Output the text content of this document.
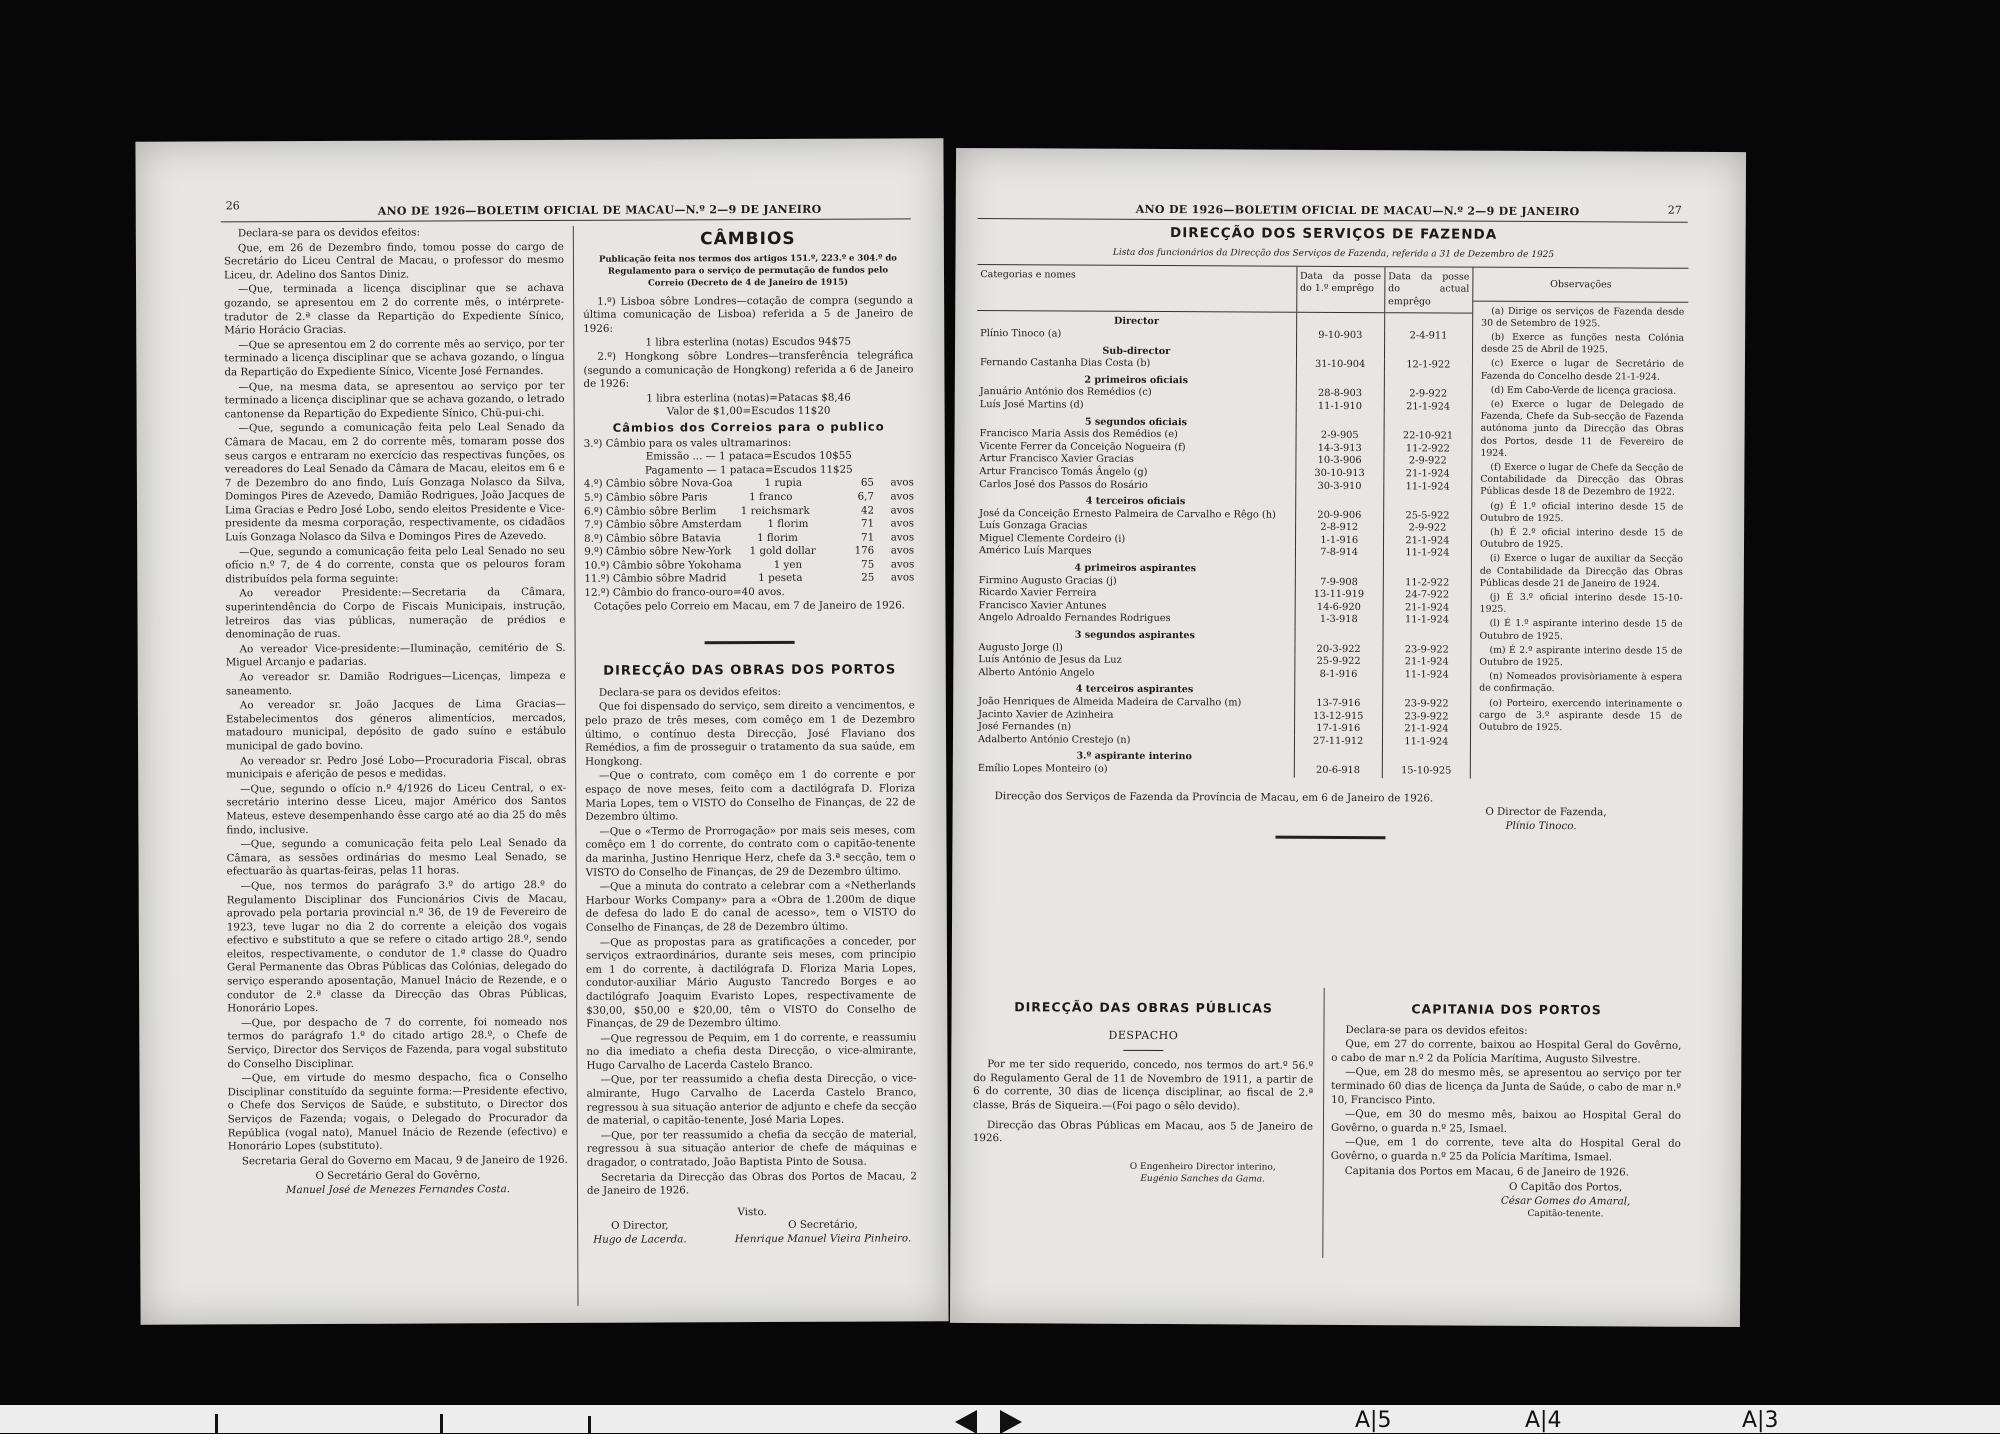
26	ANO DE 1926—BOLETIM OFICIAL DE MACAU—N.º 2—9 DE JANEIRO

Declara-se para os devidos efeitos:

Que, em 26 de Dezembro findo, tomou posse do cargo de Secretário do Liceu Central de Macau, o professor do mesmo Liceu, dr. Adelino dos Santos Diniz.

—Que, terminada a licença disciplinar que se achava gozando, se apresentou em 2 do corrente mês, o intérprete-tradutor de 2.ª classe da Repartição do Expediente Sínico, Mário Horácio Gracias.

—Que se apresentou em 2 do corrente mês ao serviço, por ter terminado a licença disciplinar que se achava gozando, o língua da Repartição do Expediente Sínico, Vicente José Fernandes.

—Que, na mesma data, se apresentou ao serviço por ter terminado a licença disciplinar que se achava gozando, o letrado cantonense da Repartição do Expediente Sínico, Chü-pui-chi.

—Que, segundo a comunicação feita pelo Leal Senado da Câmara de Macau, em 2 do corrente mês, tomaram posse dos seus cargos e entraram no exercício das respectivas funções, os vereadores do Leal Senado da Câmara de Macau, eleitos em 6 e 7 de Dezembro do ano findo, Luís Gonzaga Nolasco da Silva, Domingos Pires de Azevedo, Damião Rodrigues, João Jacques de Lima Gracias e Pedro José Lobo, sendo eleitos Presidente e Vice-presidente da mesma corporação, respectivamente, os cidadãos Luís Gonzaga Nolasco da Silva e Domingos Pires de Azevedo.

—Que, segundo a comunicação feita pelo Leal Senado no seu ofício n.º 7, de 4 do corrente, consta que os pelouros foram distribuídos pela forma seguinte:

Ao vereador Presidente:—Secretaria da Câmara, superintendência do Corpo de Fiscais Municipais, instrução, letreiros das vias públicas, numeração de prédios e denominação de ruas.

Ao vereador Vice-presidente:—Iluminação, cemitério de S. Miguel Arcanjo e padarias.

Ao vereador sr. Damião Rodrigues—Licenças, limpeza e saneamento.

Ao vereador sr. João Jacques de Lima Gracias—Estabelecimentos dos géneros alimentícios, mercados, matadouro municipal, depósito de gado suíno e estábulo municipal de gado bovino.

Ao vereador sr. Pedro José Lobo—Procuradoria Fiscal, obras municipais e aferição de pesos e medidas.

—Que, segundo o ofício n.º 4/1926 do Liceu Central, o ex-secretário interino desse Liceu, major Américo dos Santos Mateus, esteve desempenhando êsse cargo até ao dia 25 do mês findo, inclusive.

—Que, segundo a comunicação feita pelo Leal Senado da Câmara, as sessões ordinárias do mesmo Leal Senado, se efectuarão às quartas-feiras, pelas 11 horas.

—Que, nos termos do parágrafo 3.º do artigo 28.º do Regulamento Disciplinar dos Funcionários Civis de Macau, aprovado pela portaria provincial n.º 36, de 19 de Fevereiro de 1923, teve lugar no dia 2 do corrente a eleição dos vogais efectivo e substituto a que se refere o citado artigo 28.º, sendo eleitos, respectivamente, o condutor de 1.ª classe do Quadro Geral Permanente das Obras Públicas das Colónias, delegado do serviço esperando aposentação, Manuel Inácio de Rezende, e o condutor de 2.ª classe da Direcção das Obras Públicas, Honorário Lopes.

—Que, por despacho de 7 do corrente, foi nomeado nos termos do parágrafo 1.º do citado artigo 28.º, o Chefe de Serviço, Director dos Serviços de Fazenda, para vogal substituto do Conselho Disciplinar.

—Que, em virtude do mesmo despacho, fica o Conselho Disciplinar constituído da seguinte forma:—Presidente efectivo, o Chefe dos Serviços de Saúde, e substituto, o Director dos Serviços de Fazenda; vogais, o Delegado do Procurador da República (vogal nato), Manuel Inácio de Rezende (efectivo) e Honorário Lopes (substituto).

Secretaria Geral do Governo em Macau, 9 de Janeiro de 1926.

O Secretário Geral do Govêrno,
Manuel José de Menezes Fernandes Costa.
CÂMBIOS
Publicação feita nos termos dos artigos 151.º, 223.º e 304.º do Regulamento para o serviço de permutação de fundos pelo Correio (Decreto de 4 de Janeiro de 1915)

1.º) Lisboa sôbre Londres—cotação de compra (segundo a última comunicação de Lisboa) referida a 5 de Janeiro de 1926:

1 libra esterlina (notas) Escudos 94$75

2.º) Hongkong sôbre Londres—transferência telegráfica (segundo a comunicação de Hongkong) referida a 6 de Janeiro de 1926:

1 libra esterlina (notas)=Patacas $8,46
Valor de $1,00=Escudos 11$20
Câmbios dos Correios para o publico
3.º) Câmbio para os vales ultramarinos:
Emissão ... — 1 pataca=Escudos 10$55
Pagamento — 1 pataca=Escudos 11$25
4.º) Câmbio sôbre Nova-Goa	1 rupia	65	avos
5.º) Câmbio sôbre Paris	1 franco	6,7	avos
6.º) Câmbio sôbre Berlim	1 reichsmark	42	avos
7.º) Câmbio sôbre Amsterdam	1 florim	71	avos
8.º) Câmbio sôbre Batavia	1 florim	71	avos
9.º) Câmbio sôbre New-York	1 gold dollar	176	avos
10.º) Câmbio sôbre Yokohama	1 yen	75	avos
11.º) Câmbio sôbre Madrid	1 peseta	25	avos
12.º) Câmbio do franco-ouro=40 avos.
Cotações pelo Correio em Macau, em 7 de Janeiro de 1926.
DIRECÇÃO DAS OBRAS DOS PORTOS

Declara-se para os devidos efeitos:

Que foi dispensado do serviço, sem direito a vencimentos, e pelo prazo de três meses, com comêço em 1 de Dezembro último, o contínuo desta Direcção, José Flaviano dos Remédios, a fim de prosseguir o tratamento da sua saúde, em Hongkong.

—Que o contrato, com comêço em 1 do corrente e por espaço de nove meses, feito com a dactilógrafa D. Floriza Maria Lopes, tem o VISTO do Conselho de Finanças, de 22 de Dezembro último.

—Que o «Termo de Prorrogação» por mais seis meses, com comêço em 1 do corrente, do contrato com o capitão-tenente da marinha, Justino Henrique Herz, chefe da 3.ª secção, tem o VISTO do Conselho de Finanças, de 29 de Dezembro último.

—Que a minuta do contrato a celebrar com a «Netherlands Harbour Works Company» para a «Obra de 1.200m de dique de defesa do lado E do canal de acesso», tem o VISTO do Conselho de Finanças, de 28 de Dezembro último.

—Que as propostas para as gratificações a conceder, por serviços extraordinários, durante seis meses, com princípio em 1 do corrente, à dactilógrafa D. Floriza Maria Lopes, condutor-auxiliar Mário Augusto Tancredo Borges e ao dactilógrafo Joaquim Evaristo Lopes, respectivamente de $30,00, $50,00 e $20,00, têm o VISTO do Conselho de Finanças, de 29 de Dezembro último.

—Que regressou de Pequim, em 1 do corrente, e reassumiu no dia imediato a chefia desta Direcção, o vice-almirante, Hugo Carvalho de Lacerda Castelo Branco.

—Que, por ter reassumido a chefia desta Direcção, o vice-almirante, Hugo Carvalho de Lacerda Castelo Branco, regressou à sua situação anterior de adjunto e chefe da secção de material, o capitão-tenente, José Maria Lopes.

—Que, por ter reassumido a chefia da secção de material, regressou à sua situação anterior de chefe de máquinas e dragador, o contratado, João Baptista Pinto de Sousa.

Secretaria da Direcção das Obras dos Portos de Macau, 2 de Janeiro de 1926.

Visto.
O Director,
Hugo de Lacerda.
O Secretário,
Henrique Manuel Vieira Pinheiro.
ANO DE 1926—BOLETIM OFICIAL DE MACAU—N.º 2—9 DE JANEIRO	27
DIRECÇÃO DOS SERVIÇOS DE FAZENDA
Lista dos funcionários da Direcção dos Serviços de Fazenda, referida a 31 de Dezembro de 1925
Categorias e nomes	Data da posse do 1.º emprêgo	Data da posse do actual emprêgo
Director		
Plínio Tinoco (a)	9-10-903	2-4-911
Sub-director		
Fernando Castanha Dias Costa (b)	31-10-904	12-1-922
2 primeiros oficiais		
Januário António dos Remédios (c)	28-8-903	2-9-922
Luís José Martins (d)	11-1-910	21-1-924
5 segundos oficiais		
Francisco Maria Assis dos Remédios (e)	2-9-905	22-10-921
Vicente Ferrer da Conceição Nogueira (f)	14-3-913	11-2-922
Artur Francisco Xavier Gracias	10-3-906	2-9-922
Artur Francisco Tomás Ângelo (g)	30-10-913	21-1-924
Carlos José dos Passos do Rosário	30-3-910	11-1-924
4 terceiros oficiais		
José da Conceição Ernesto Palmeira de Carvalho e Rêgo (h)	20-9-906	25-5-922
Luís Gonzaga Gracias	2-8-912	2-9-922
Miguel Clemente Cordeiro (i)	1-1-916	21-1-924
Américo Luís Marques	7-8-914	11-1-924
4 primeiros aspirantes		
Firmino Augusto Gracias (j)	7-9-908	11-2-922
Ricardo Xavier Ferreira	13-11-919	24-7-922
Francisco Xavier Antunes	14-6-920	21-1-924
Angelo Adroaldo Fernandes Rodrigues	1-3-918	11-1-924
3 segundos aspirantes		
Augusto Jorge (l)	20-3-922	23-9-922
Luís António de Jesus da Luz	25-9-922	21-1-924
Alberto António Angelo	8-1-916	11-1-924
4 terceiros aspirantes		
João Henriques de Almeida Madeira de Carvalho (m)	13-7-916	23-9-922
Jacinto Xavier de Azinheira	13-12-915	23-9-922
José Fernandes (n)	17-1-916	21-1-924
Adalberto António Crestejo (n)	27-11-912	11-1-924
3.º aspirante interino		
Emílio Lopes Monteiro (o)	20-6-918	15-10-925
Observações
(a) Dirige os serviços de Fazenda desde 30 de Setembro de 1925.
(b) Exerce as funções nesta Colónia desde 25 de Abril de 1925.
(c) Exerce o lugar de Secretário de Fazenda do Concelho desde 21-1-924.
(d) Em Cabo-Verde de licença graciosa.
(e) Exerce o lugar de Delegado de Fazenda, Chefe da Sub-secção de Fazenda autónoma junto da Direcção das Obras dos Portos, desde 11 de Fevereiro de 1924.
(f) Exerce o lugar de Chefe da Secção de Contabilidade da Direcção das Obras Públicas desde 18 de Dezembro de 1922.
(g) É 1.º oficial interino desde 15 de Outubro de 1925.
(h) É 2.º oficial interino desde 15 de Outubro de 1925.
(i) Exerce o lugar de auxiliar da Secção de Contabilidade da Direcção das Obras Públicas desde 21 de Janeiro de 1924.
(j) É 3.º oficial interino desde 15-10-1925.
(l) É 1.º aspirante interino desde 15 de Outubro de 1925.
(m) É 2.º aspirante interino desde 15 de Outubro de 1925.
(n) Nomeados provisòriamente à espera de confirmação.
(o) Porteiro, exercendo interinamente o cargo de 3.º aspirante desde 15 de Outubro de 1925.
Direcção dos Serviços de Fazenda da Província de Macau, em 6 de Janeiro de 1926.
O Director de Fazenda,
Plínio Tinoco.
DIRECÇÃO DAS OBRAS PÚBLICAS
DESPACHO

Por me ter sido requerido, concedo, nos termos do art.º 56.º do Regulamento Geral de 11 de Novembro de 1911, a partir de 6 do corrente, 30 dias de licença disciplinar, ao fiscal de 2.ª classe, Brás de Siqueira.—(Foi pago o sêlo devido).

Direcção das Obras Públicas em Macau, aos 5 de Janeiro de 1926.

O Engenheiro Director interino,
Eugénio Sanches da Gama.
CAPITANIA DOS PORTOS

Declara-se para os devidos efeitos:

Que, em 27 do corrente, baixou ao Hospital Geral do Govêrno, o cabo de mar n.º 2 da Polícia Marítima, Augusto Silvestre.

—Que, em 28 do mesmo mês, se apresentou ao serviço por ter terminado 60 dias de licença da Junta de Saúde, o cabo de mar n.º 10, Francisco Pinto.

—Que, em 30 do mesmo mês, baixou ao Hospital Geral do Govêrno, o guarda n.º 25, Ismael.

—Que, em 1 do corrente, teve alta do Hospital Geral do Govêrno, o guarda n.º 25 da Polícia Marítima, Ismael.

Capitania dos Portos em Macau, 6 de Janeiro de 1926.

O Capitão dos Portos,
César Gomes do Amaral,
Capitão-tenente.
A|5	A|4	A|3
